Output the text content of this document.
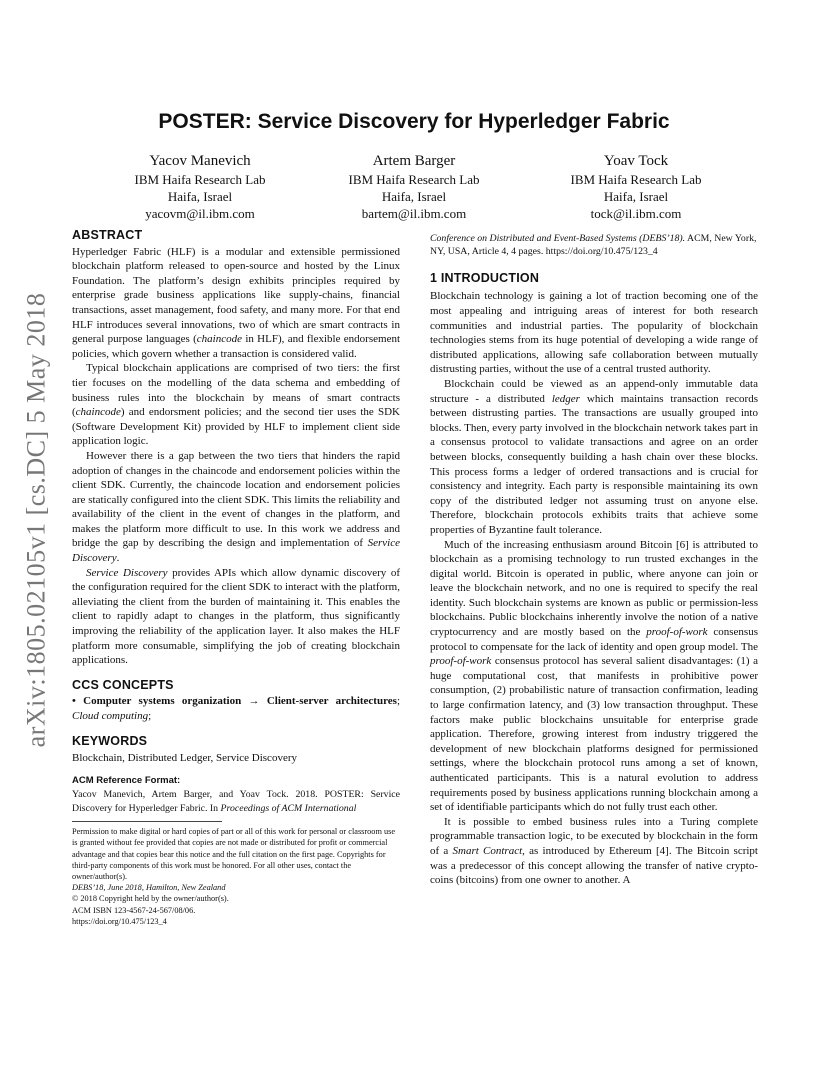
arXiv:1805.02105v1 [cs.DC] 5 May 2018
POSTER: Service Discovery for Hyperledger Fabric
Yacov Manevich
IBM Haifa Research Lab
Haifa, Israel
yacovm@il.ibm.com
Artem Barger
IBM Haifa Research Lab
Haifa, Israel
bartem@il.ibm.com
Yoav Tock
IBM Haifa Research Lab
Haifa, Israel
tock@il.ibm.com
ABSTRACT

Hyperledger Fabric (HLF) is a modular and extensible permissioned blockchain platform released to open-source and hosted by the Linux Foundation. The platform’s design exhibits principles required by enterprise grade business applications like supply-chains, financial transactions, asset management, food safety, and many more. For that end HLF introduces several innovations, two of which are smart contracts in general purpose languages (chaincode in HLF), and flexible endorsement policies, which govern whether a transaction is considered valid.

Typical blockchain applications are comprised of two tiers: the first tier focuses on the modelling of the data schema and embedding of business rules into the blockchain by means of smart contracts (chaincode) and endorsment policies; and the second tier uses the SDK (Software Development Kit) provided by HLF to implement client side application logic.

However there is a gap between the two tiers that hinders the rapid adoption of changes in the chaincode and endorsement policies within the client SDK. Currently, the chaincode location and endorsement policies are statically configured into the client SDK. This limits the reliability and availability of the client in the event of changes in the platform, and makes the platform more difficult to use. In this work we address and bridge the gap by describing the design and implementation of Service Discovery.

Service Discovery provides APIs which allow dynamic discovery of the configuration required for the client SDK to interact with the platform, alleviating the client from the burden of maintaining it. This enables the client to rapidly adapt to changes in the platform, thus significantly improving the reliability of the application layer. It also makes the HLF platform more consumable, simplifying the job of creating blockchain applications.

CCS CONCEPTS

• Computer systems organization → Client-server architectures; Cloud computing;

KEYWORDS

Blockchain, Distributed Ledger, Service Discovery

ACM Reference Format:

Yacov Manevich, Artem Barger, and Yoav Tock. 2018. POSTER: Service Discovery for Hyperledger Fabric. In Proceedings of ACM International

Permission to make digital or hard copies of part or all of this work for personal or classroom use is granted without fee provided that copies are not made or distributed for profit or commercial advantage and that copies bear this notice and the full citation on the first page. Copyrights for third-party components of this work must be honored. For all other uses, contact the owner/author(s).

DEBS’18, June 2018, Hamilton, New Zealand

© 2018 Copyright held by the owner/author(s).

ACM ISBN 123-4567-24-567/08/06.

https://doi.org/10.475/123_4

Conference on Distributed and Event-Based Systems (DEBS’18). ACM, New York, NY, USA, Article 4, 4 pages. https://doi.org/10.475/123_4

1 INTRODUCTION

Blockchain technology is gaining a lot of traction becoming one of the most appealing and intriguing areas of interest for both research communities and industrial parties. The popularity of blockchain technologies stems from its huge potential of developing a wide range of distributed applications, allowing safe collaboration between mutually distrusting parties, without the use of a central trusted authority.

Blockchain could be viewed as an append-only immutable data structure - a distributed ledger which maintains transaction records between distrusting parties. The transactions are usually grouped into blocks. Then, every party involved in the blockchain network takes part in a consensus protocol to validate transactions and agree on an order between blocks, consequently building a hash chain over these blocks. This process forms a ledger of ordered transactions and is crucial for consistency and integrity. Each party is responsible maintaining its own copy of the distributed ledger not assuming trust on anyone else. Therefore, blockchain protocols exhibits traits that achieve some properties of Byzantine fault tolerance.

Much of the increasing enthusiasm around Bitcoin [6] is attributed to blockchain as a promising technology to run trusted exchanges in the digital world. Bitcoin is operated in public, where anyone can join or leave the blockchain network, and no one is required to specify the real identity. Such blockchain systems are known as public or permission-less blockchains. Public blockchains inherently involve the notion of a native cryptocurrency and are mostly based on the proof-of-work consensus protocol to compensate for the lack of identity and open group model. The proof-of-work consensus protocol has several salient disadvantages: (1) a huge computational cost, that manifests in prohibitive power consumption, (2) probabilistic nature of transaction confirmation, leading to large confirmation latency, and (3) low transaction throughput. These factors make public blockchains unsuitable for enterprise grade application. Therefore, growing interest from industry triggered the development of new blockchain platforms designed for permissioned settings, where the blockchain protocol runs among a set of known, authenticated participants. This is a natural evolution to address requirements posed by business applications running blockchain among a set of identifiable participants which do not fully trust each other.

It is possible to embed business rules into a Turing complete programmable transaction logic, to be executed by blockchain in the form of a Smart Contract, as introduced by Ethereum [4]. The Bitcoin script was a predecessor of this concept allowing the transfer of native crypto-coins (bitcoins) from one owner to another. A
